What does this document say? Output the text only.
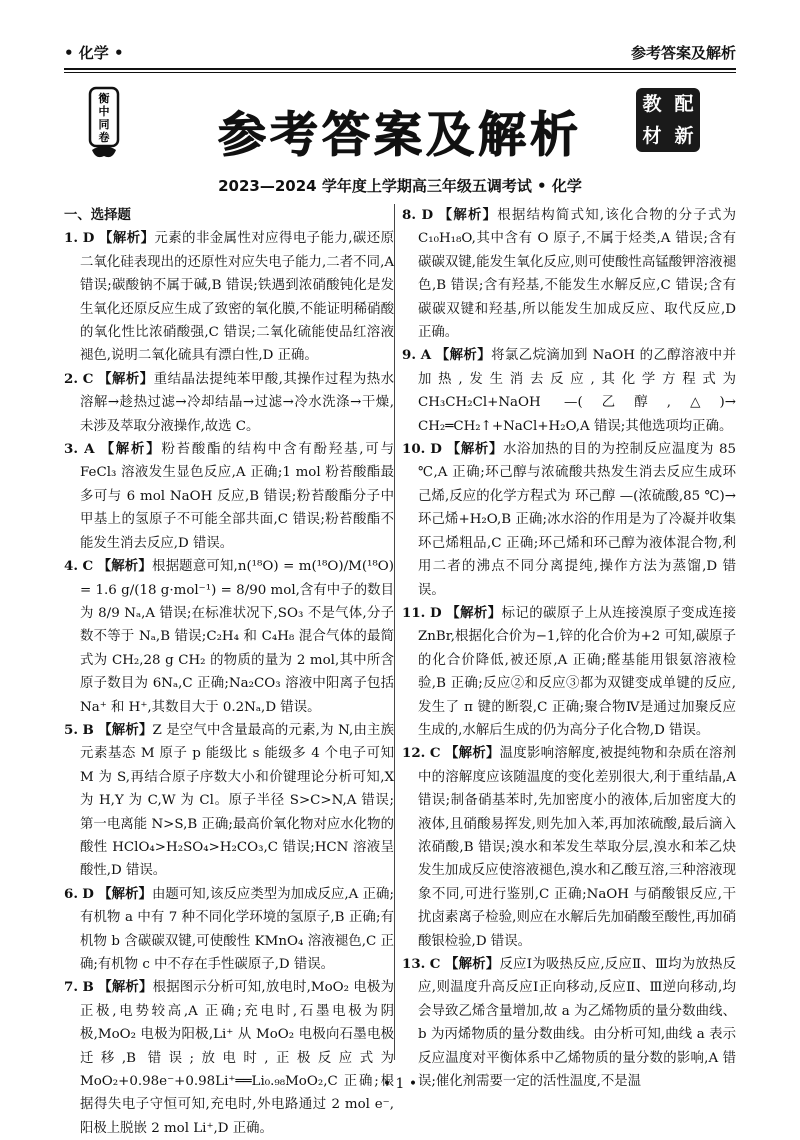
• 化学 •	参考答案及解析
衡
中
同
卷	参考答案及解析
教 配
材 新
2023—2024 学年度上学期高三年级五调考试 • 化学
一、选择题

1. D 【解析】元素的非金属性对应得电子能力,碳还原二氧化硅表现出的还原性对应失电子能力,二者不同,A 错误;碳酸钠不属于碱,B 错误;铁遇到浓硝酸钝化是发生氧化还原反应生成了致密的氧化膜,不能证明稀硝酸的氧化性比浓硝酸强,C 错误;二氧化硫能使品红溶液褪色,说明二氧化硫具有漂白性,D 正确。

2. C 【解析】重结晶法提纯苯甲酸,其操作过程为热水溶解→趁热过滤→冷却结晶→过滤→冷水洗涤→干燥,未涉及萃取分液操作,故选 C。

3. A 【解析】粉苔酸酯的结构中含有酚羟基,可与 FeCl₃ 溶液发生显色反应,A 正确;1 mol 粉苔酸酯最多可与 6 mol NaOH 反应,B 错误;粉苔酸酯分子中甲基上的氢原子不可能全部共面,C 错误;粉苔酸酯不能发生消去反应,D 错误。

4. C 【解析】根据题意可知,n(¹⁸O) = m(¹⁸O)/M(¹⁸O) = 1.6 g/(18 g·mol⁻¹) = 8/90 mol,含有中子的数目为 8/9 Nₐ,A 错误;在标准状况下,SO₃ 不是气体,分子数不等于 Nₐ,B 错误;C₂H₄ 和 C₄H₈ 混合气体的最简式为 CH₂,28 g CH₂ 的物质的量为 2 mol,其中所含原子数目为 6Nₐ,C 正确;Na₂CO₃ 溶液中阳离子包括 Na⁺ 和 H⁺,其数目大于 0.2Nₐ,D 错误。

5. B 【解析】Z 是空气中含量最高的元素,为 N,由主族元素基态 M 原子 p 能级比 s 能级多 4 个电子可知 M 为 S,再结合原子序数大小和价键理论分析可知,X 为 H,Y 为 C,W 为 Cl。原子半径 S>C>N,A 错误;第一电离能 N>S,B 正确;最高价氧化物对应水化物的酸性 HClO₄>H₂SO₄>H₂CO₃,C 错误;HCN 溶液呈酸性,D 错误。

6. D 【解析】由题可知,该反应类型为加成反应,A 正确;有机物 a 中有 7 种不同化学环境的氢原子,B 正确;有机物 b 含碳碳双键,可使酸性 KMnO₄ 溶液褪色,C 正确;有机物 c 中不存在手性碳原子,D 错误。

7. B 【解析】根据图示分析可知,放电时,MoO₂ 电极为正极,电势较高,A 正确;充电时,石墨电极为阴极,MoO₂ 电极为阳极,Li⁺ 从 MoO₂ 电极向石墨电极迁移,B 错误;放电时,正极反应式为 MoO₂+0.98e⁻+0.98Li⁺══Li₀.₉₈MoO₂,C 正确;根据得失电子守恒可知,充电时,外电路通过 2 mol e⁻,阳极上脱嵌 2 mol Li⁺,D 正确。

8. D 【解析】根据结构简式知,该化合物的分子式为 C₁₀H₁₈O,其中含有 O 原子,不属于烃类,A 错误;含有碳碳双键,能发生氧化反应,则可使酸性高锰酸钾溶液褪色,B 错误;含有羟基,不能发生水解反应,C 错误;含有碳碳双键和羟基,所以能发生加成反应、取代反应,D 正确。

9. A 【解析】将氯乙烷滴加到 NaOH 的乙醇溶液中并加热,发生消去反应,其化学方程式为 CH₃CH₂Cl+NaOH —(乙醇,△)→ CH₂═CH₂↑+NaCl+H₂O,A 错误;其他选项均正确。

10. D 【解析】水浴加热的目的为控制反应温度为 85 ℃,A 正确;环己醇与浓硫酸共热发生消去反应生成环己烯,反应的化学方程式为 环己醇 —(浓硫酸,85 ℃)→ 环己烯+H₂O,B 正确;冰水浴的作用是为了冷凝并收集环己烯粗品,C 正确;环己烯和环己醇为液体混合物,利用二者的沸点不同分离提纯,操作方法为蒸馏,D 错误。

11. D 【解析】标记的碳原子上从连接溴原子变成连接 ZnBr,根据化合价为−1,锌的化合价为+2 可知,碳原子的化合价降低,被还原,A 正确;醛基能用银氨溶液检验,B 正确;反应②和反应③都为双键变成单键的反应,发生了 π 键的断裂,C 正确;聚合物Ⅳ是通过加聚反应生成的,水解后生成的仍为高分子化合物,D 错误。

12. C 【解析】温度影响溶解度,被提纯物和杂质在溶剂中的溶解度应该随温度的变化差别很大,利于重结晶,A 错误;制备硝基苯时,先加密度小的液体,后加密度大的液体,且硝酸易挥发,则先加入苯,再加浓硫酸,最后滴入浓硝酸,B 错误;溴水和苯发生萃取分层,溴水和苯乙炔发生加成反应使溶液褪色,溴水和乙酸互溶,三种溶液现象不同,可进行鉴别,C 正确;NaOH 与硝酸银反应,干扰卤素离子检验,则应在水解后先加硝酸至酸性,再加硝酸银检验,D 错误。

13. C 【解析】反应Ⅰ为吸热反应,反应Ⅱ、Ⅲ均为放热反应,则温度升高反应Ⅰ正向移动,反应Ⅱ、Ⅲ逆向移动,均会导致乙烯含量增加,故 a 为乙烯物质的量分数曲线、b 为丙烯物质的量分数曲线。由分析可知,曲线 a 表示反应温度对平衡体系中乙烯物质的量分数的影响,A 错误;催化剂需要一定的活性温度,不是温

• 1 •
